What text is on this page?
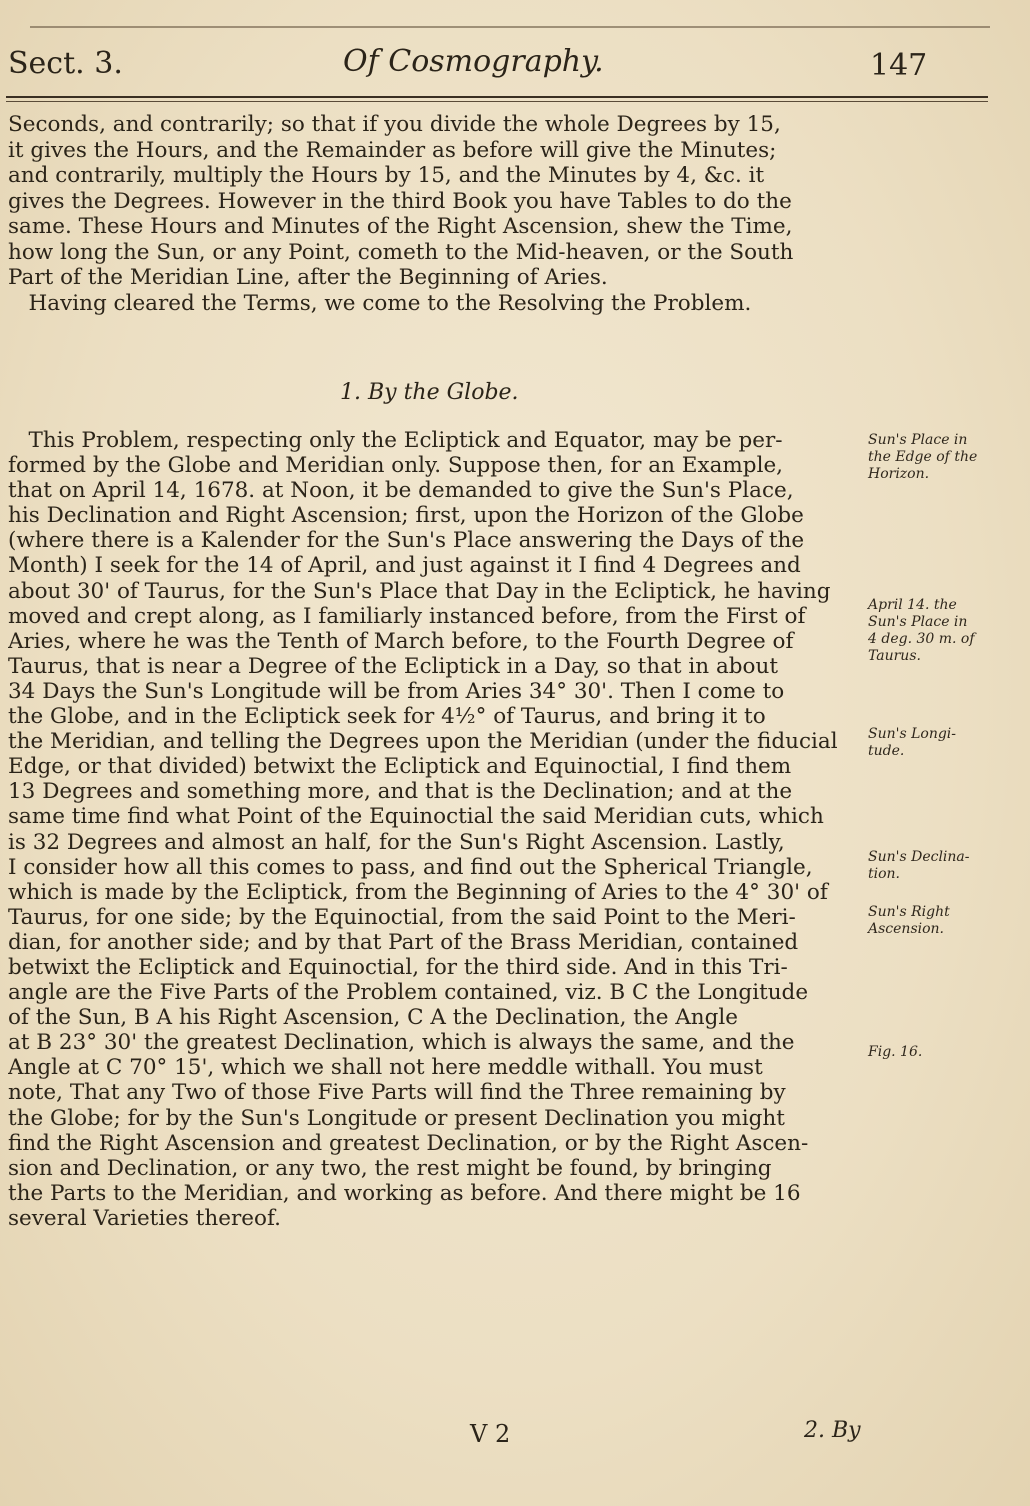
Sect. 3.	Of Cosmography.	147
Seconds, and contrarily; so that if you divide the whole Degrees by 15,
it gives the Hours, and the Remainder as before will give the Minutes;
and contrarily, multiply the Hours by 15, and the Minutes by 4, &c. it
gives the Degrees. However in the third Book you have Tables to do the
same. These Hours and Minutes of the Right Ascension, shew the Time,
how long the Sun, or any Point, cometh to the Mid-heaven, or the South
Part of the Meridian Line, after the Beginning of Aries.
Having cleared the Terms, we come to the Resolving the Problem.
1. By the Globe.
This Problem, respecting only the Ecliptick and Equator, may be per-
formed by the Globe and Meridian only. Suppose then, for an Example,
that on April 14, 1678. at Noon, it be demanded to give the Sun's Place,
his Declination and Right Ascension; first, upon the Horizon of the Globe
(where there is a Kalender for the Sun's Place answering the Days of the
Month) I seek for the 14 of April, and just against it I find 4 Degrees and
about 30' of Taurus, for the Sun's Place that Day in the Ecliptick, he having
moved and crept along, as I familiarly instanced before, from the First of
Aries, where he was the Tenth of March before, to the Fourth Degree of
Taurus, that is near a Degree of the Ecliptick in a Day, so that in about
34 Days the Sun's Longitude will be from Aries 34° 30'. Then I come to
the Globe, and in the Ecliptick seek for 4½° of Taurus, and bring it to
the Meridian, and telling the Degrees upon the Meridian (under the fiducial
Edge, or that divided) betwixt the Ecliptick and Equinoctial, I find them
13 Degrees and something more, and that is the Declination; and at the
same time find what Point of the Equinoctial the said Meridian cuts, which
is 32 Degrees and almost an half, for the Sun's Right Ascension. Lastly,
I consider how all this comes to pass, and find out the Spherical Triangle,
which is made by the Ecliptick, from the Beginning of Aries to the 4° 30' of
Taurus, for one side; by the Equinoctial, from the said Point to the Meri-
dian, for another side; and by that Part of the Brass Meridian, contained
betwixt the Ecliptick and Equinoctial, for the third side. And in this Tri-
angle are the Five Parts of the Problem contained, viz. B C the Longitude
of the Sun, B A his Right Ascension, C A the Declination, the Angle
at B 23° 30' the greatest Declination, which is always the same, and the
Angle at C 70° 15', which we shall not here meddle withall. You must
note, That any Two of those Five Parts will find the Three remaining by
the Globe; for by the Sun's Longitude or present Declination you might
find the Right Ascension and greatest Declination, or by the Right Ascen-
sion and Declination, or any two, the rest might be found, by bringing
the Parts to the Meridian, and working as before. And there might be 16
several Varieties thereof.
Sun's Place in
the Edge of the
Horizon.
April 14. the
Sun's Place in
4 deg. 30 m. of
Taurus.
Sun's Longi-
tude.
Sun's Declina-
tion.
Sun's Right
Ascension.
Fig. 16.
V 2	2. By
